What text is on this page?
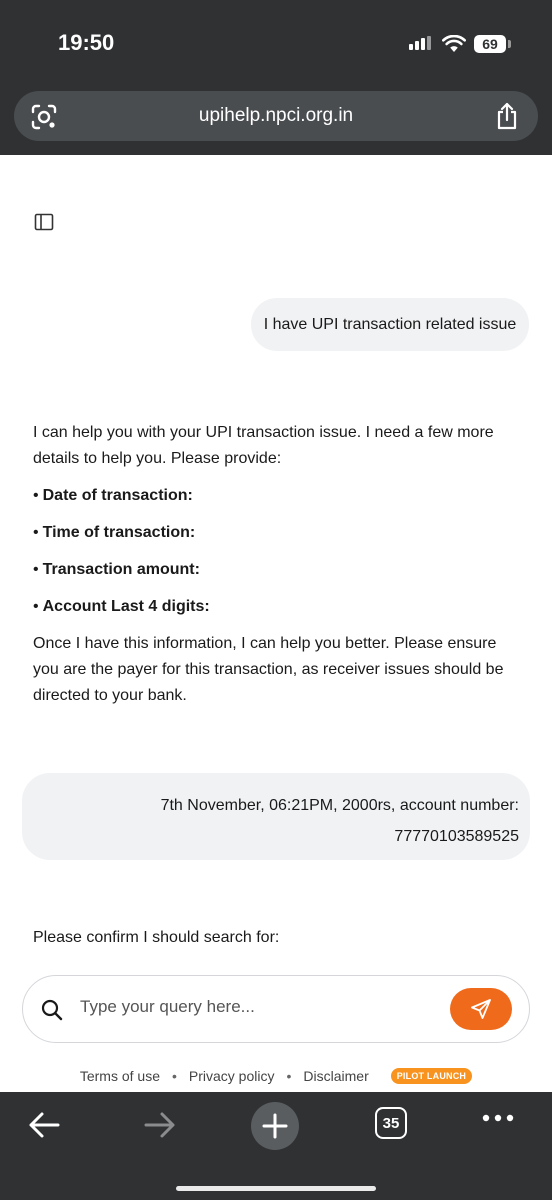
19:50	69
upihelp.npci.org.in
I have UPI transaction related issue

I can help you with your UPI transaction issue. I need a few more details to help you. Please provide:

• Date of transaction:
• Time of transaction:
• Transaction amount:
• Account Last 4 digits:

Once I have this information, I can help you better. Please ensure you are the payer for this transaction, as receiver issues should be directed to your bank.

7th November, 06:21PM, 2000rs, account number:
77770103589525
Please confirm I should search for:
Type your query here...
Terms of use • Privacy policy • Disclaimer	PILOT LAUNCH
35
